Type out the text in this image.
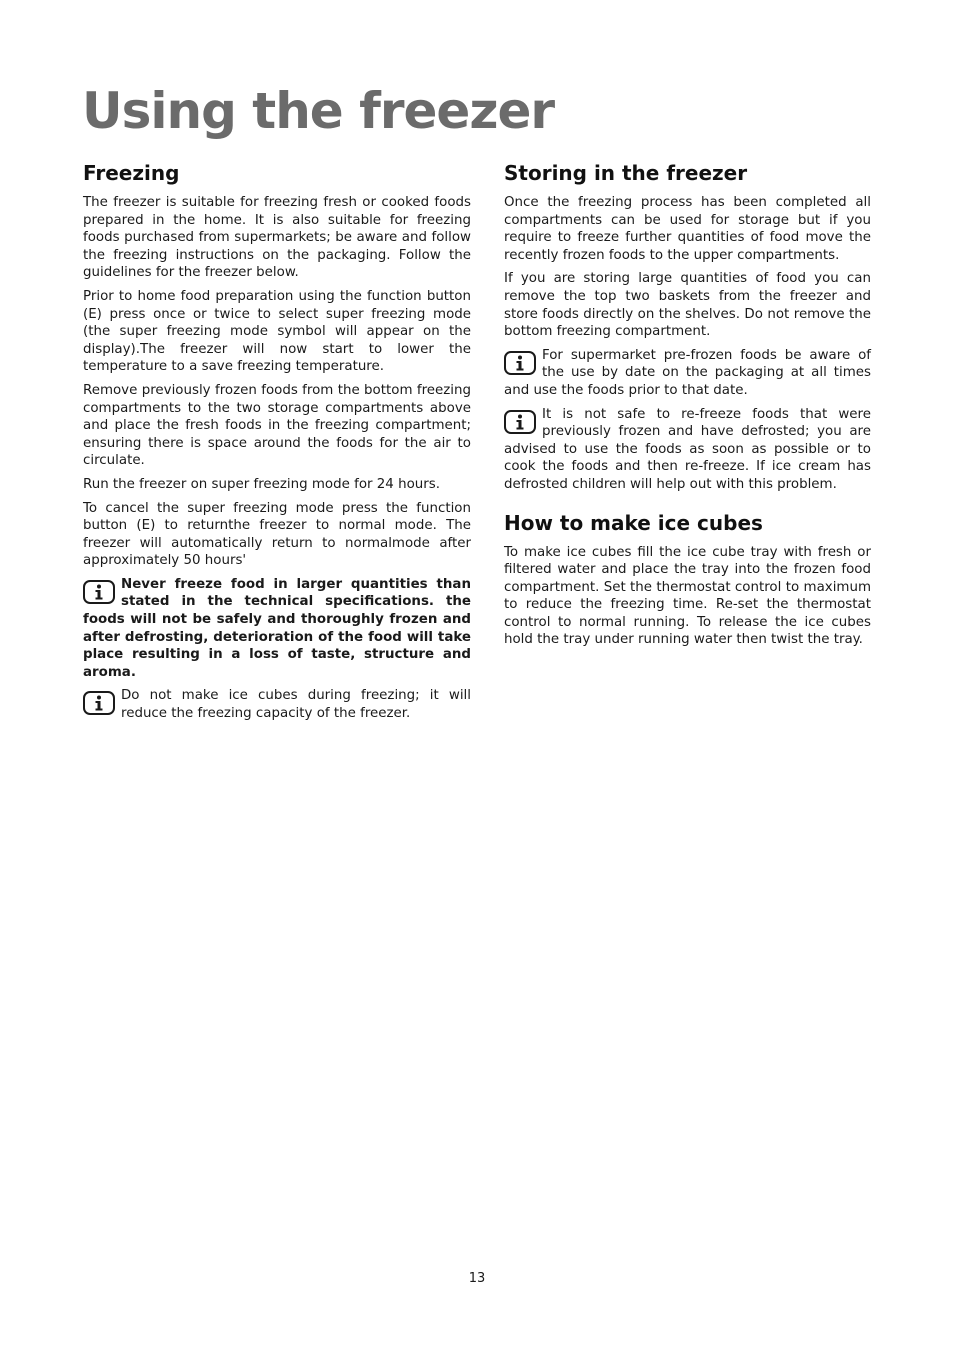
Using the freezer
Freezing

The freezer is suitable for freezing fresh or cooked foods prepared in the home. It is also suitable for freezing foods purchased from supermarkets; be aware and follow the freezing instructions on the packaging. Follow the guidelines for the freezer below.

Prior to home food preparation using the function button (E) press once or twice to select super freezing mode (the super freezing mode symbol will appear on the display).The freezer will now start to lower the temperature to a save freezing temperature.

Remove previously frozen foods from the bottom freezing compartments to the two storage compartments above and place the fresh foods in the freezing compartment; ensuring there is space around the foods for the air to circulate.

Run the freezer on super freezing mode for 24 hours.

To cancel the super freezing mode press the function button (E) to returnthe freezer to normal mode. The freezer will automatically return to normalmode after approximately 50 hours'

Never freeze food in larger quantities than stated in the technical specifications. the foods will not be safely and thoroughly frozen and after defrosting, deterioration of the food will take place resulting in a loss of taste, structure and aroma.

Do not make ice cubes during freezing; it will reduce the freezing capacity of the freezer.

Storing in the freezer

Once the freezing process has been completed all compartments can be used for storage but if you require to freeze further quantities of food move the recently frozen foods to the upper compartments.

If you are storing large quantities of food you can remove the top two baskets from the freezer and store foods directly on the shelves. Do not remove the bottom freezing compartment.

For supermarket pre-frozen foods be aware of the use by date on the packaging at all times and use the foods prior to that date.

It is not safe to re-freeze foods that were previously frozen and have defrosted; you are advised to use the foods as soon as possible or to cook the foods and then re-freeze. If ice cream has defrosted children will help out with this problem.

How to make ice cubes

To make ice cubes fill the ice cube tray with fresh or filtered water and place the tray into the frozen food compartment. Set the thermostat control to maximum to reduce the freezing time. Re-set the thermostat control to normal running. To release the ice cubes hold the tray under running water then twist the tray.

13
